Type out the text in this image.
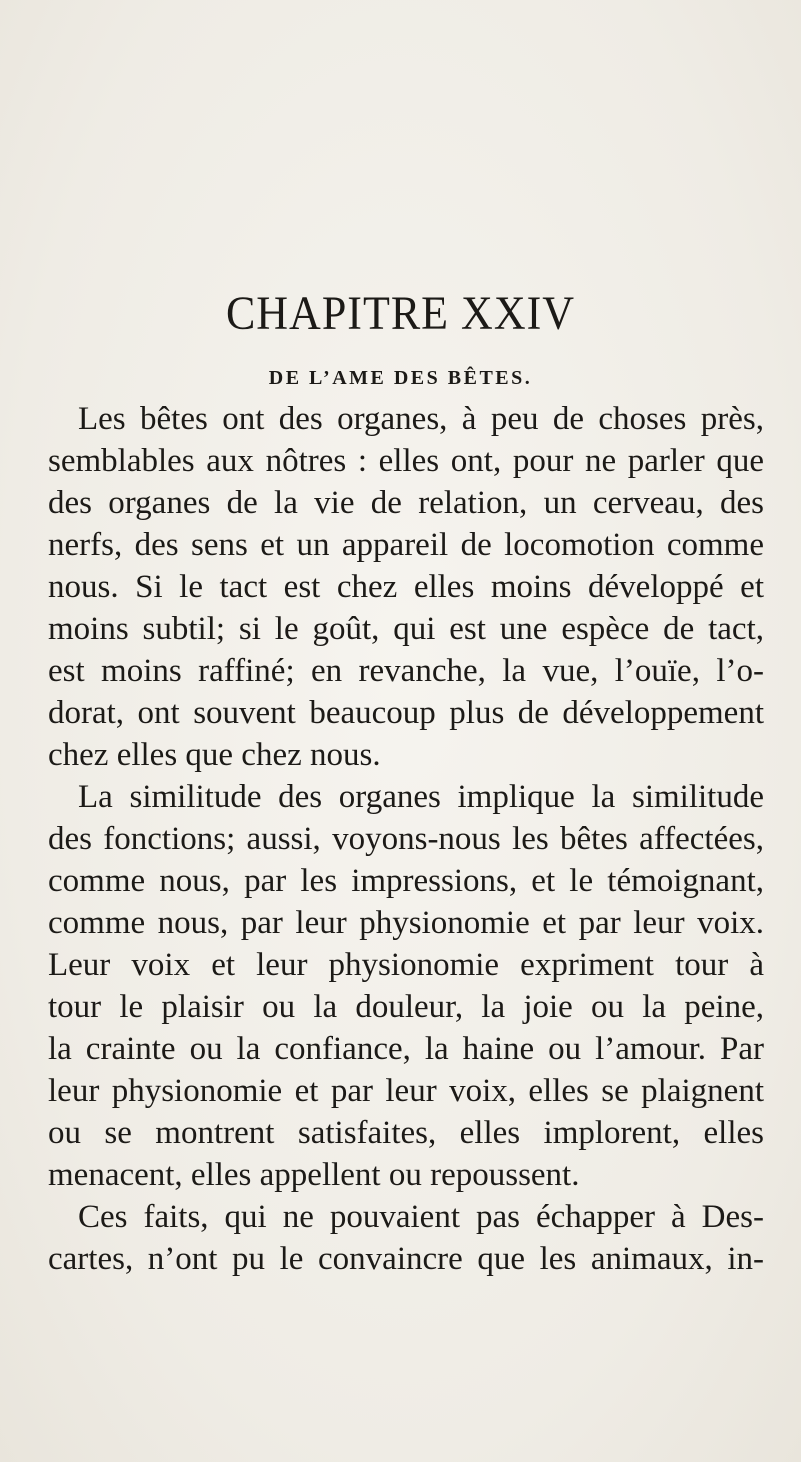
CHAPITRE XXIV
DE L’AME DES BÊTES.
Les bêtes ont des organes, à peu de choses près,
semblables aux nôtres : elles ont, pour ne parler que
des organes de la vie de relation, un cerveau, des
nerfs, des sens et un appareil de locomotion comme
nous. Si le tact est chez elles moins développé et
moins subtil; si le goût, qui est une espèce de tact,
est moins raffiné; en revanche, la vue, l’ouïe, l’o-
dorat, ont souvent beaucoup plus de développement
chez elles que chez nous.
La similitude des organes implique la similitude
des fonctions; aussi, voyons-nous les bêtes affectées,
comme nous, par les impressions, et le témoignant,
comme nous, par leur physionomie et par leur voix.
Leur voix et leur physionomie expriment tour à
tour le plaisir ou la douleur, la joie ou la peine,
la crainte ou la confiance, la haine ou l’amour. Par
leur physionomie et par leur voix, elles se plaignent
ou se montrent satisfaites, elles implorent, elles
menacent, elles appellent ou repoussent.
Ces faits, qui ne pouvaient pas échapper à Des-
cartes, n’ont pu le convaincre que les animaux, in-
